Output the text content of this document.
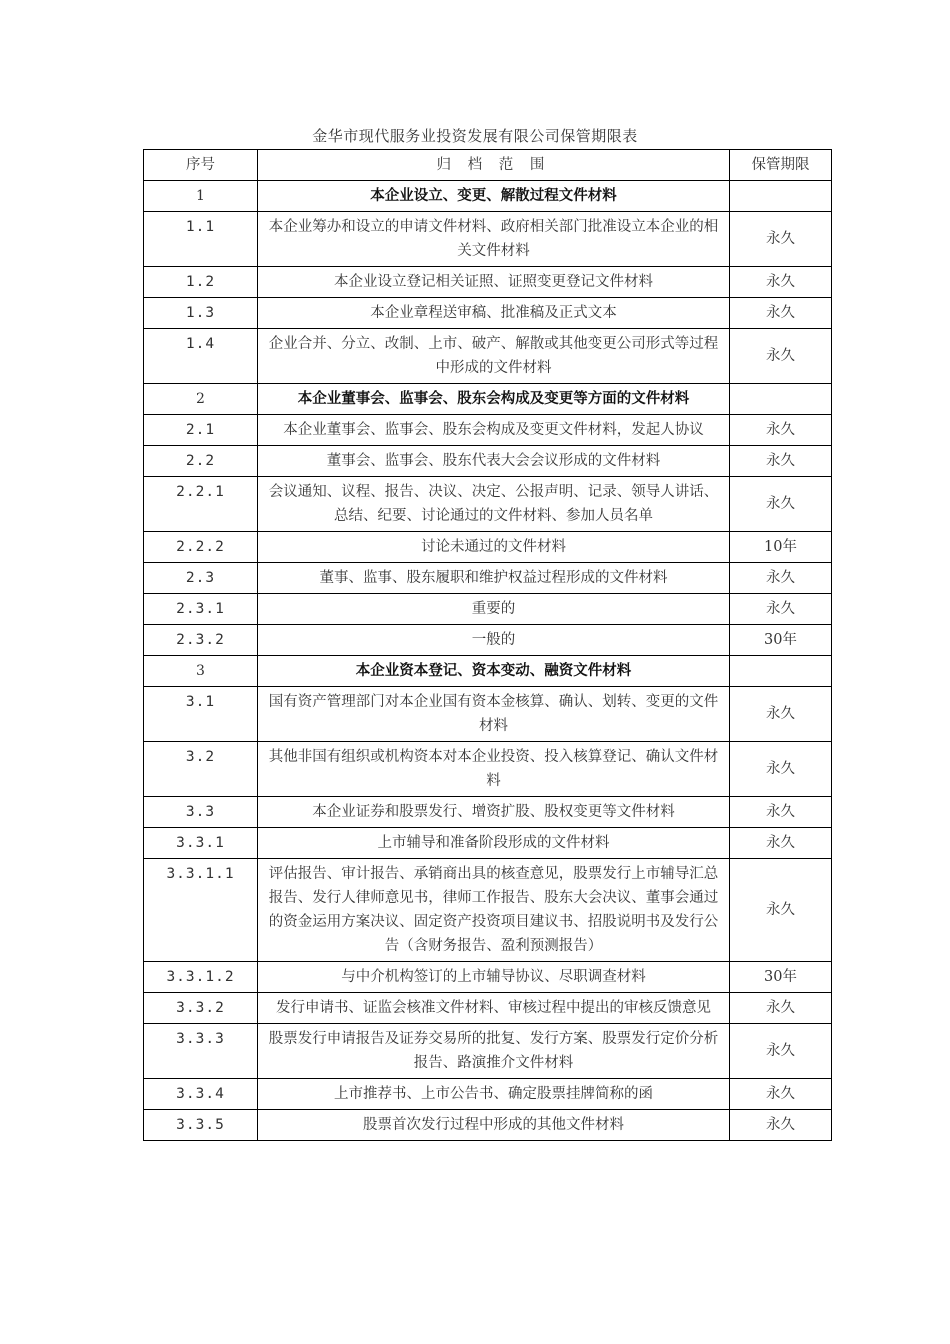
金华市现代服务业投资发展有限公司保管期限表
序号	归 档 范 围	保管期限
1	本企业设立、变更、解散过程文件材料	
1.1	本企业筹办和设立的申请文件材料、政府相关部门批准设立本企业的相关文件材料	永久
1.2	本企业设立登记相关证照、证照变更登记文件材料	永久
1.3	本企业章程送审稿、批准稿及正式文本	永久
1.4	企业合并、分立、改制、上市、破产、解散或其他变更公司形式等过程中形成的文件材料	永久
2	本企业董事会、监事会、股东会构成及变更等方面的文件材料	
2.1	本企业董事会、监事会、股东会构成及变更文件材料，发起人协议	永久
2.2	董事会、监事会、股东代表大会会议形成的文件材料	永久
2.2.1	会议通知、议程、报告、决议、决定、公报声明、记录、领导人讲话、总结、纪要、讨论通过的文件材料、参加人员名单	永久
2.2.2	讨论未通过的文件材料	10年
2.3	董事、监事、股东履职和维护权益过程形成的文件材料	永久
2.3.1	重要的	永久
2.3.2	一般的	30年
3	本企业资本登记、资本变动、融资文件材料	
3.1	国有资产管理部门对本企业国有资本金核算、确认、划转、变更的文件材料	永久
3.2	其他非国有组织或机构资本对本企业投资、投入核算登记、确认文件材料	永久
3.3	本企业证券和股票发行、增资扩股、股权变更等文件材料	永久
3.3.1	上市辅导和准备阶段形成的文件材料	永久
3.3.1.1	评估报告、审计报告、承销商出具的核查意见，股票发行上市辅导汇总报告、发行人律师意见书，律师工作报告、股东大会决议、董事会通过的资金运用方案决议、固定资产投资项目建议书、招股说明书及发行公告（含财务报告、盈利预测报告）	永久
3.3.1.2	与中介机构签订的上市辅导协议、尽职调查材料	30年
3.3.2	发行申请书、证监会核准文件材料、审核过程中提出的审核反馈意见	永久
3.3.3	股票发行申请报告及证券交易所的批复、发行方案、股票发行定价分析报告、路演推介文件材料	永久
3.3.4	上市推荐书、上市公告书、确定股票挂牌简称的函	永久
3.3.5	股票首次发行过程中形成的其他文件材料	永久
